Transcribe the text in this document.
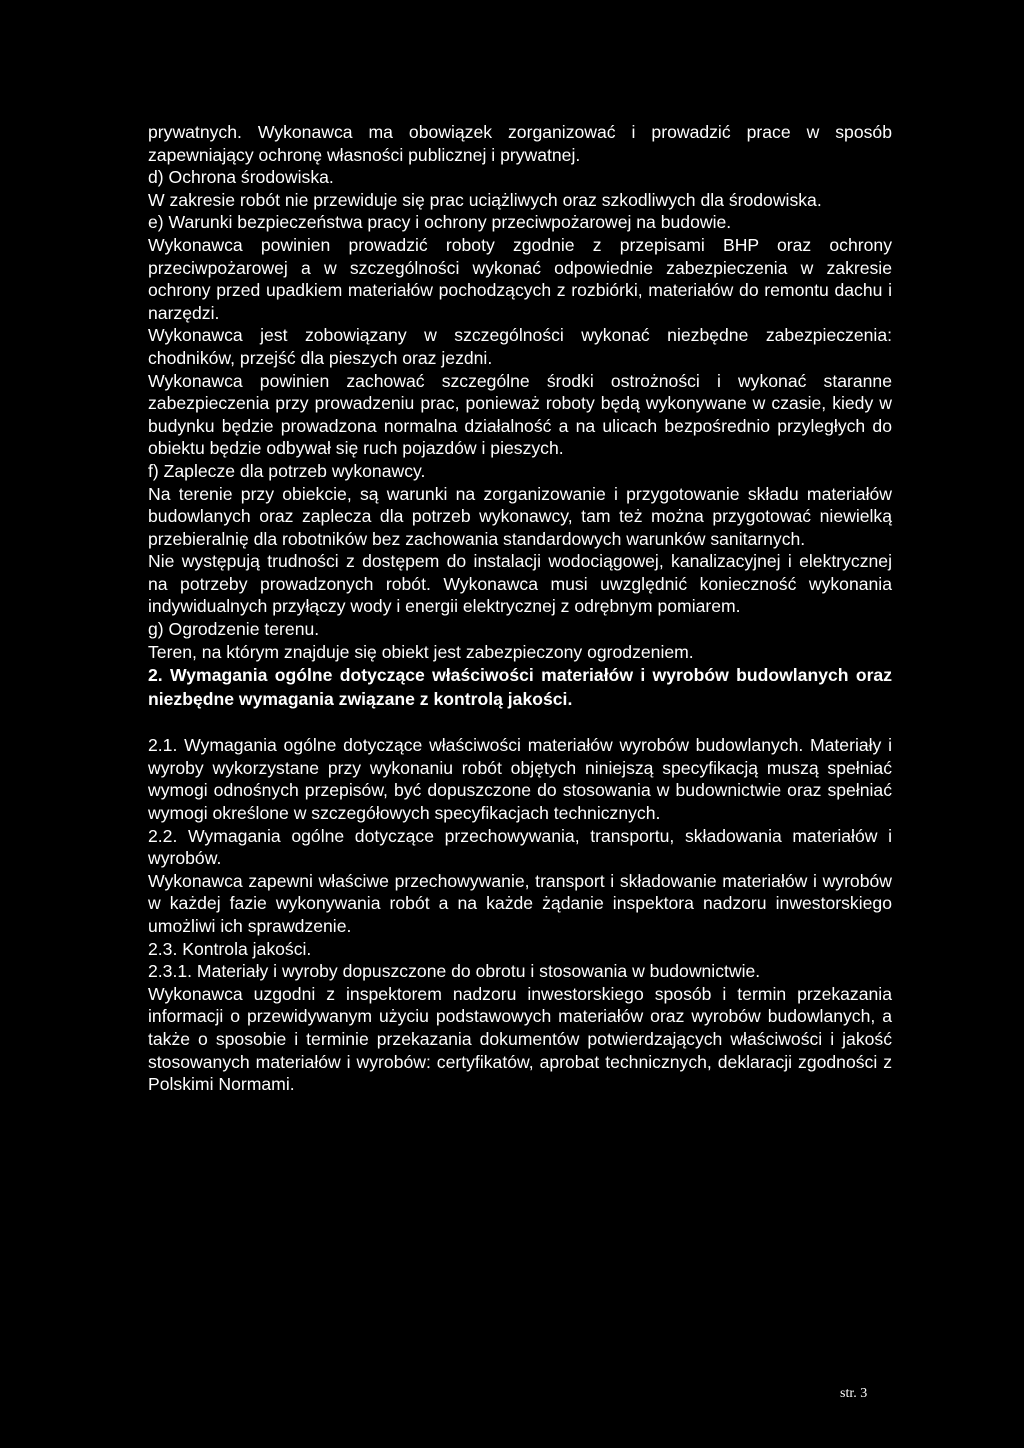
prywatnych. Wykonawca ma obowiązek zorganizować i prowadzić prace w sposób zapewniający ochronę własności publicznej i prywatnej.

d) Ochrona środowiska.

W zakresie robót nie przewiduje się prac uciążliwych oraz szkodliwych dla środowiska.

e) Warunki bezpieczeństwa pracy i ochrony przeciwpożarowej na budowie.

Wykonawca powinien prowadzić roboty zgodnie z przepisami BHP oraz ochrony przeciwpożarowej a w szczególności wykonać odpowiednie zabezpieczenia w zakresie ochrony przed upadkiem materiałów pochodzących z rozbiórki, materiałów do remontu dachu i narzędzi.

Wykonawca jest zobowiązany w szczególności wykonać niezbędne zabezpieczenia: chodników, przejść dla pieszych oraz jezdni.

Wykonawca powinien zachować szczególne środki ostrożności i wykonać staranne zabezpieczenia przy prowadzeniu prac, ponieważ roboty będą wykonywane w czasie, kiedy w budynku będzie prowadzona normalna działalność a na ulicach bezpośrednio przyległych do obiektu będzie odbywał się ruch pojazdów i pieszych.

f) Zaplecze dla potrzeb wykonawcy.

Na terenie przy obiekcie, są warunki na zorganizowanie i przygotowanie składu materiałów budowlanych oraz zaplecza dla potrzeb wykonawcy, tam też można przygotować niewielką przebieralnię dla robotników bez zachowania standardowych warunków sanitarnych.

Nie występują trudności z dostępem do instalacji wodociągowej, kanalizacyjnej i elektrycznej na potrzeby prowadzonych robót. Wykonawca musi uwzględnić konieczność wykonania indywidualnych przyłączy wody i energii elektrycznej z odrębnym pomiarem.

g) Ogrodzenie terenu.

Teren, na którym znajduje się obiekt jest zabezpieczony ogrodzeniem.

2. Wymagania ogólne dotyczące właściwości materiałów i wyrobów budowlanych oraz niezbędne wymagania związane z kontrolą jakości.

2.1. Wymagania ogólne dotyczące właściwości materiałów wyrobów budowlanych. Materiały i wyroby wykorzystane przy wykonaniu robót objętych niniejszą specyfikacją muszą spełniać wymogi odnośnych przepisów, być dopuszczone do stosowania w budownictwie oraz spełniać wymogi określone w szczegółowych specyfikacjach technicznych.

2.2. Wymagania ogólne dotyczące przechowywania, transportu, składowania materiałów i wyrobów.

Wykonawca zapewni właściwe przechowywanie, transport i składowanie materiałów i wyrobów w każdej fazie wykonywania robót a na każde żądanie inspektora nadzoru inwestorskiego umożliwi ich sprawdzenie.

2.3. Kontrola jakości.

2.3.1. Materiały i wyroby dopuszczone do obrotu i stosowania w budownictwie.

Wykonawca uzgodni z inspektorem nadzoru inwestorskiego sposób i termin przekazania informacji o przewidywanym użyciu podstawowych materiałów oraz wyrobów budowlanych, a także o sposobie i terminie przekazania dokumentów potwierdzających właściwości i jakość stosowanych materiałów i wyrobów: certyfikatów, aprobat technicznych, deklaracji zgodności z Polskimi Normami.

str. 3
